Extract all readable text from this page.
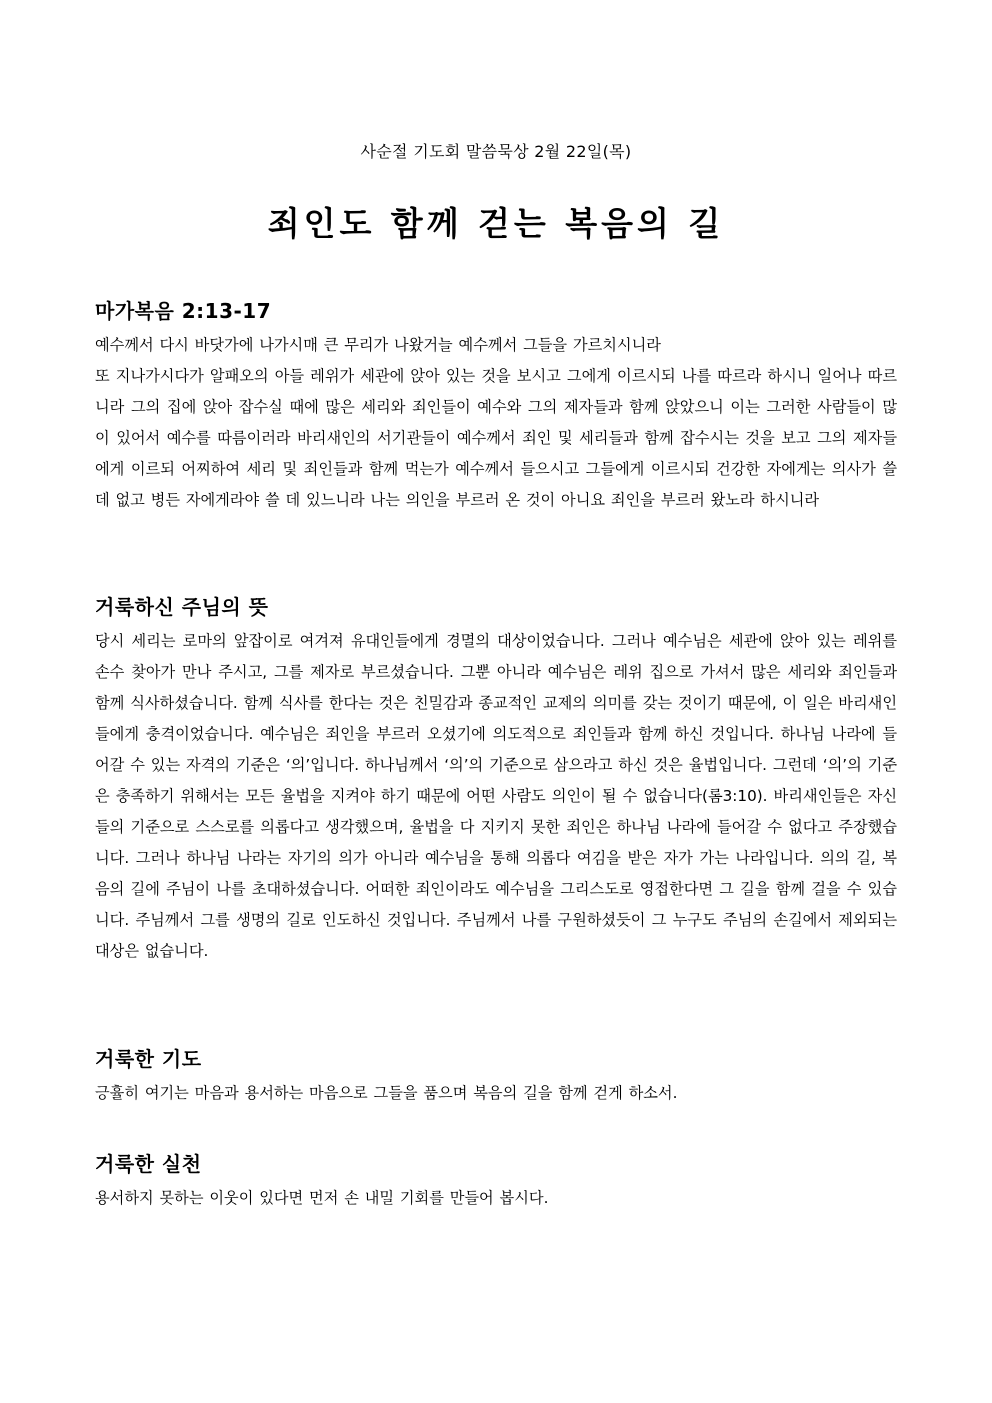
사순절 기도회 말씀묵상 2월 22일(목)
죄인도 함께 걷는 복음의 길
마가복음 2:13-17

예수께서 다시 바닷가에 나가시매 큰 무리가 나왔거늘 예수께서 그들을 가르치시니라
또 지나가시다가 알패오의 아들 레위가 세관에 앉아 있는 것을 보시고 그에게 이르시되 나를 따르라 하시니 일어나 따르니라 그의 집에 앉아 잡수실 때에 많은 세리와 죄인들이 예수와 그의 제자들과 함께 앉았으니 이는 그러한 사람들이 많이 있어서 예수를 따름이러라 바리새인의 서기관들이 예수께서 죄인 및 세리들과 함께 잡수시는 것을 보고 그의 제자들에게 이르되 어찌하여 세리 및 죄인들과 함께 먹는가 예수께서 들으시고 그들에게 이르시되 건강한 자에게는 의사가 쓸 데 없고 병든 자에게라야 쓸 데 있느니라 나는 의인을 부르러 온 것이 아니요 죄인을 부르러 왔노라 하시니라

거룩하신 주님의 뜻

당시 세리는 로마의 앞잡이로 여겨져 유대인들에게 경멸의 대상이었습니다. 그러나 예수님은 세관에 앉아 있는 레위를 손수 찾아가 만나 주시고, 그를 제자로 부르셨습니다. 그뿐 아니라 예수님은 레위 집으로 가셔서 많은 세리와 죄인들과 함께 식사하셨습니다. 함께 식사를 한다는 것은 친밀감과 종교적인 교제의 의미를 갖는 것이기 때문에, 이 일은 바리새인들에게 충격이었습니다. 예수님은 죄인을 부르러 오셨기에 의도적으로 죄인들과 함께 하신 것입니다. 하나님 나라에 들어갈 수 있는 자격의 기준은 ‘의’입니다. 하나님께서 ‘의’의 기준으로 삼으라고 하신 것은 율법입니다. 그런데 ‘의’의 기준은 충족하기 위해서는 모든 율법을 지켜야 하기 때문에 어떤 사람도 의인이 될 수 없습니다(롬3:10). 바리새인들은 자신들의 기준으로 스스로를 의롭다고 생각했으며, 율법을 다 지키지 못한 죄인은 하나님 나라에 들어갈 수 없다고 주장했습니다. 그러나 하나님 나라는 자기의 의가 아니라 예수님을 통해 의롭다 여김을 받은 자가 가는 나라입니다. 의의 길, 복음의 길에 주님이 나를 초대하셨습니다. 어떠한 죄인이라도 예수님을 그리스도로 영접한다면 그 길을 함께 걸을 수 있습니다. 주님께서 그를 생명의 길로 인도하신 것입니다. 주님께서 나를 구원하셨듯이 그 누구도 주님의 손길에서 제외되는 대상은 없습니다.

거룩한 기도

긍휼히 여기는 마음과 용서하는 마음으로 그들을 품으며 복음의 길을 함께 걷게 하소서.

거룩한 실천

용서하지 못하는 이웃이 있다면 먼저 손 내밀 기회를 만들어 봅시다.
